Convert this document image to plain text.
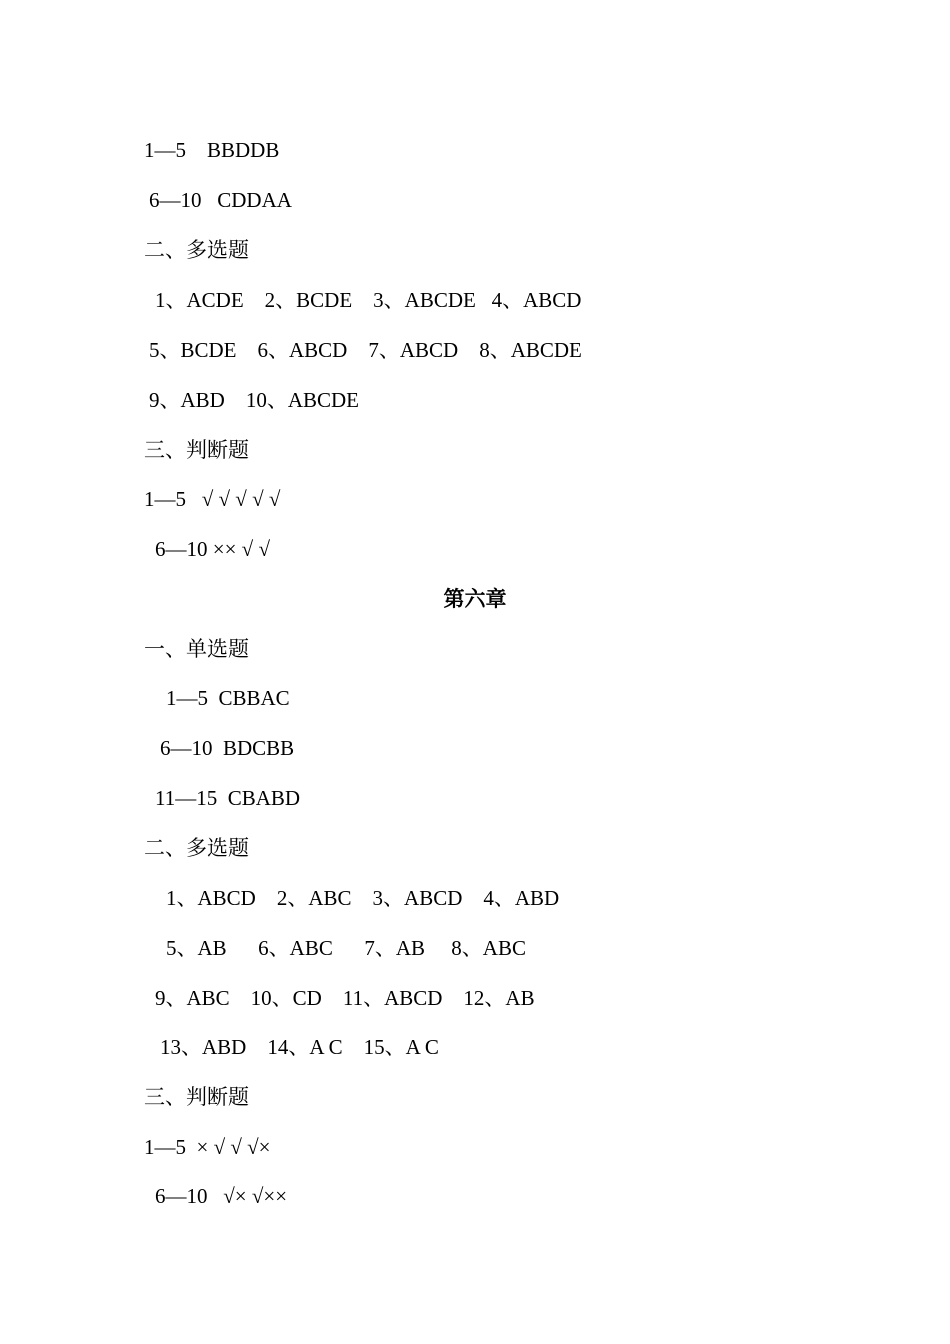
1—5    BBDDB
6—10   CDDAA
二、多选题
1、ACDE    2、BCDE    3、ABCDE   4、ABCD
5、BCDE    6、ABCD    7、ABCD    8、ABCDE
9、ABD    10、ABCDE
三、判断题
1—5   √ √ √ √ √
6—10 ×× √ √
第六章
一、单选题
1—5  CBBAC
6—10  BDCBB
11—15  CBABD
二、多选题
1、ABCD    2、ABC    3、ABCD    4、ABD
5、AB      6、ABC      7、AB     8、ABC
9、ABC    10、CD    11、ABCD    12、AB
13、ABD    14、A C    15、A C
三、判断题
1—5  × √ √ √×
6—10   √× √××
